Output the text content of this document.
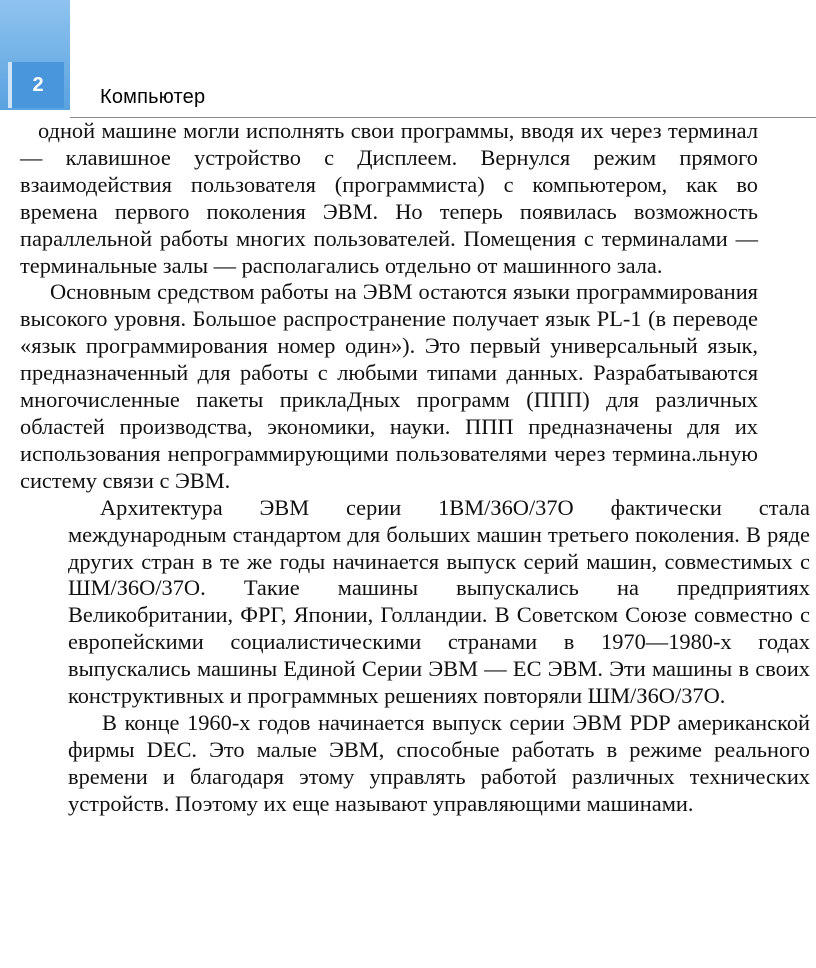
2
Компьютер

одной машине могли исполнять свои программы, вводя их через терминал — клавишное устройство с Дисплеем. Вернулся режим прямого взаимодействия пользователя (программиста) с компьютером, как во времена первого поколения ЭВМ. Но теперь появилась возможность параллельной работы многих пользователей. Помещения с терминалами — терминальные залы — располагались отдельно от машинного зала.

Основным средством работы на ЭВМ остаются языки программирования высокого уровня. Большое распространение получает язык PL-1 (в переводе «язык программирования номер один»). Это первый универсальный язык, предназначенный для работы с любыми типами данных. Разрабатываются многочисленные пакеты приклаДных программ (ППП) для различных областей производства, экономики, науки. ППП предназначены для их использования непрограммирующими пользователями через термина.льную систему связи с ЭВМ.

Архитектура ЭВМ серии 1ВМ/З6О/37О фактически стала международным стандартом для больших машин третьего поколения. В ряде других стран в те же годы начинается выпуск серий машин, совместимых с ШМ/З6О/37О. Такие машины выпускались на предприятиях Великобритании, ФРГ, Японии, Голландии. В Советском Союзе совместно с европейскими социалистическими странами в 1970—1980-х годах выпускались машины Единой Серии ЭВМ — ЕС ЭВМ. Эти машины в своих конструктивных и программных решениях повторяли ШМ/З6О/37О.

В конце 1960-х годов начинается выпуск серии ЭВМ PDP американской фирмы DEC. Это малые ЭВМ, способные работать в режиме реального времени и благодаря этому управлять работой различных технических устройств. Поэтому их еще называют управляющими машинами.
